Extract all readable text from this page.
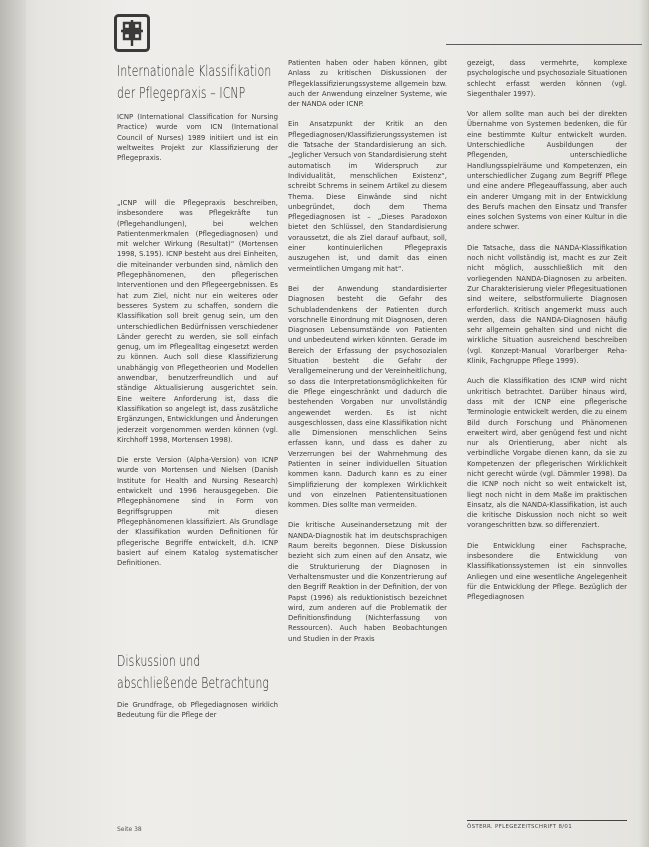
Internationale Klassifikation der Pflegepraxis – ICNP

ICNP (International Classification for Nursing Practice) wurde vom ICN (International Council of Nurses) 1989 initiiert und ist ein weltweites Projekt zur Klassifizierung der Pflegepraxis.

„ICNP will die Pflegepraxis beschreiben, insbesondere was Pflegekräfte tun (Pflegehandlungen), bei welchen Patientenmerkmalen (Pflegediagnosen) und mit welcher Wirkung (Resultat)“ (Mortensen 1998, S.195). ICNP besteht aus drei Einheiten, die miteinander verbunden sind, nämlich den Pflegephänomenen, den pflegerischen Interventionen und den Pflegeergebnissen. Es hat zum Ziel, nicht nur ein weiteres oder besseres System zu schaffen, sondern die Klassifikation soll breit genug sein, um den unterschiedlichen Bedürfnissen verschiedener Länder gerecht zu werden, sie soll einfach genug, um im Pflegealltag eingesetzt werden zu können. Auch soll diese Klassifizierung unabhängig von Pflegetheorien und Modellen anwendbar, benutzerfreundlich und auf ständige Aktualisierung ausgerichtet sein. Eine weitere Anforderung ist, dass die Klassifikation so angelegt ist, dass zusätzliche Ergänzungen, Entwicklungen und Änderungen jederzeit vorgenommen werden können (vgl. Kirchhoff 1998, Mortensen 1998).

Die erste Version (Alpha-Version) von ICNP wurde von Mortensen und Nielsen (Danish Institute for Health and Nursing Research) entwickelt und 1996 herausgegeben. Die Pflegephänomene sind in Form von Begriffsgruppen mit diesen Pflegephänomenen klassifiziert. Als Grundlage der Klassifikation wurden Definitionen für pflegerische Begriffe entwickelt, d.h. ICNP basiert auf einem Katalog systematischer Definitionen.

Diskussion und abschließende Betrachtung

Die Grundfrage, ob Pflegediagnosen wirklich Bedeutung für die Pflege der

Patienten haben oder haben können, gibt Anlass zu kritischen Diskussionen der Pflegeklassifizierungssysteme allgemein bzw. auch der Anwendung einzelner Systeme, wie der NANDA oder ICNP.

Ein Ansatzpunkt der Kritik an den Pflegediagnosen/Klassifizierungssystemen ist die Tatsache der Standardisierung an sich. „Jeglicher Versuch von Standardisierung steht automatisch im Widerspruch zur Individualität, menschlichen Existenz“, schreibt Schrems in seinem Artikel zu diesem Thema. Diese Einwände sind nicht unbegründet, doch dem Thema Pflegediagnosen ist – „Dieses Paradoxon bietet den Schlüssel, den Standardisierung voraussetzt, die als Ziel darauf aufbaut, soll, einer kontinuierlichen Pflegepraxis auszugehen ist, und damit das einen vermeintlichen Umgang mit hat“.

Bei der Anwendung standardisierter Diagnosen besteht die Gefahr des Schubladendenkens der Patienten durch vorschnelle Einordnung mit Diagnosen, deren Diagnosen Lebensumstände von Patienten und unbedeutend wirken könnten. Gerade im Bereich der Erfassung der psychosozialen Situation besteht die Gefahr der Verallgemeinerung und der Vereinheitlichung, so dass die Interpretationsmöglichkeiten für die Pflege eingeschränkt und dadurch die bestehenden Vorgaben nur unvollständig angewendet werden. Es ist nicht ausgeschlossen, dass eine Klassifikation nicht alle Dimensionen menschlichen Seins erfassen kann, und dass es daher zu Verzerrungen bei der Wahrnehmung des Patienten in seiner individuellen Situation kommen kann. Dadurch kann es zu einer Simplifizierung der komplexen Wirklichkeit und von einzelnen Patientensituationen kommen. Dies sollte man vermeiden.

Die kritische Auseinandersetzung mit der NANDA-Diagnostik hat im deutschsprachigen Raum bereits begonnen. Diese Diskussion bezieht sich zum einen auf den Ansatz, wie die Strukturierung der Diagnosen in Verhaltensmuster und die Konzentrierung auf den Begriff Reaktion in der Definition, der von Papst (1996) als reduktionistisch bezeichnet wird, zum anderen auf die Problematik der Definitionsfindung (Nichterfassung von Ressourcen). Auch haben Beobachtungen und Studien in der Praxis

gezeigt, dass vermehrte, komplexe psychologische und psychosoziale Situationen schlecht erfasst werden können (vgl. Siegenthaler 1997).

Vor allem sollte man auch bei der direkten Übernahme von Systemen bedenken, die für eine bestimmte Kultur entwickelt wurden. Unterschiedliche Ausbildungen der Pflegenden, unterschiedliche Handlungsspielräume und Kompetenzen, ein unterschiedlicher Zugang zum Begriff Pflege und eine andere Pflegeauffassung, aber auch ein anderer Umgang mit in der Entwicklung des Berufs machen den Einsatz und Transfer eines solchen Systems von einer Kultur in die andere schwer.

Die Tatsache, dass die NANDA-Klassifikation noch nicht vollständig ist, macht es zur Zeit nicht möglich, ausschließlich mit den vorliegenden NANDA-Diagnosen zu arbeiten. Zur Charakterisierung vieler Pflegesituationen sind weitere, selbstformulierte Diagnosen erforderlich. Kritisch angemerkt muss auch werden, dass die NANDA-Diagnosen häufig sehr allgemein gehalten sind und nicht die wirkliche Situation ausreichend beschreiben (vgl. Konzept-Manual Vorarlberger Reha-Klinik, Fachgruppe Pflege 1999).

Auch die Klassifikation des ICNP wird nicht unkritisch betrachtet. Darüber hinaus wird, dass mit der ICNP eine pflegerische Terminologie entwickelt werden, die zu einem Bild durch Forschung und Phänomenen erweitert wird, aber genügend fest und nicht nur als Orientierung, aber nicht als verbindliche Vorgabe dienen kann, da sie zu Kompetenzen der pflegerischen Wirklichkeit nicht gerecht würde (vgl. Dämmler 1998). Da die ICNP noch nicht so weit entwickelt ist, liegt noch nicht in dem Maße im praktischen Einsatz, als die NANDA-Klassifikation, ist auch die kritische Diskussion noch nicht so weit vorangeschritten bzw. so differenziert.

Die Entwicklung einer Fachsprache, insbesondere die Entwicklung von Klassifikationssystemen ist ein sinnvolles Anliegen und eine wesentliche Angelegenheit für die Entwicklung der Pflege. Bezüglich der Pflegediagnosen

Seite 38	ÖSTERR. PFLEGEZEITSCHRIFT 8/01
